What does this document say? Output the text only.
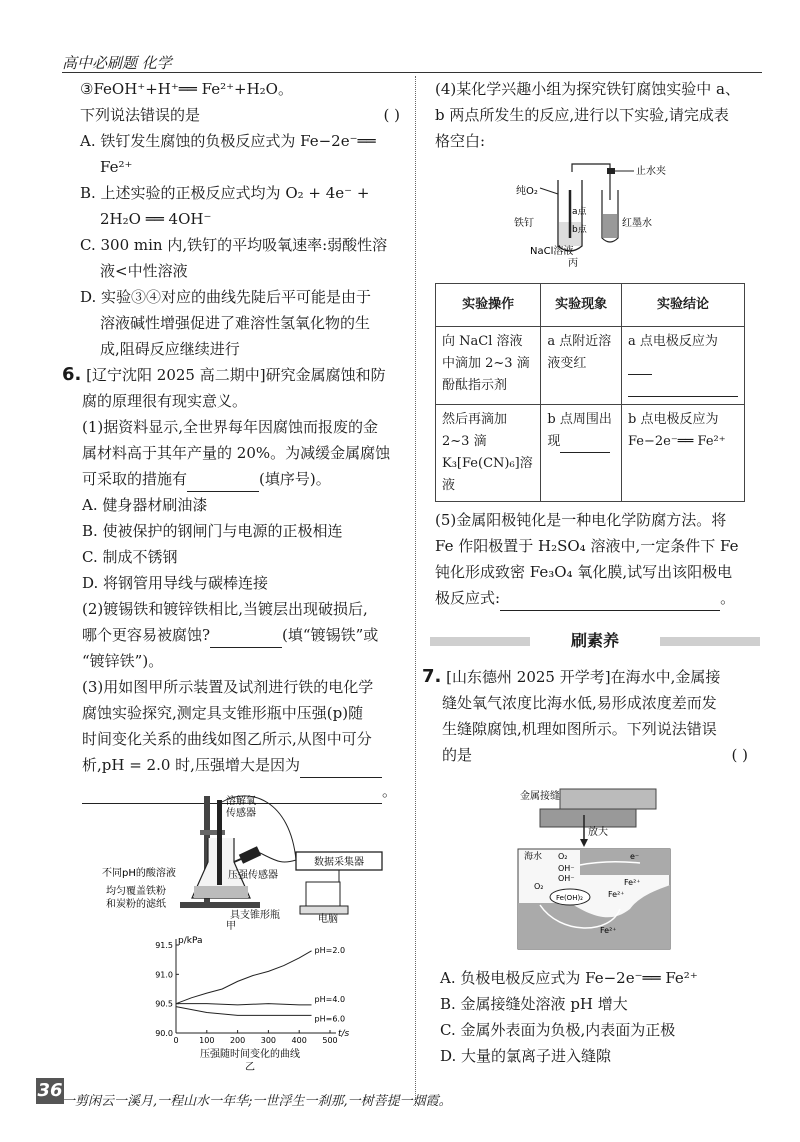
高中必刷题 化学

③FeOH⁺+H⁺══ Fe²⁺+H₂O。

下列说法错误的是	( )

A. 铁钉发生腐蚀的负极反应式为 Fe−2e⁻══

Fe²⁺

B. 上述实验的正极反应式均为 O₂ + 4e⁻ +

2H₂O ══ 4OH⁻

C. 300 min 内,铁钉的平均吸氧速率:弱酸性溶

液<中性溶液

D. 实验③④对应的曲线先陡后平可能是由于

溶液碱性增强促进了难溶性氢氧化物的生

成,阻碍反应继续进行

6. [辽宁沈阳 2025 高二期中]研究金属腐蚀和防

腐的原理很有现实意义。

(1)据资料显示,全世界每年因腐蚀而报废的金

属材料高于其年产量的 20%。为减缓金属腐蚀

可采取的措施有	(填序号)。

A. 健身器材刷油漆

B. 使被保护的钢闸门与电源的正极相连

C. 制成不锈钢

D. 将钢管用导线与碳棒连接

(2)镀锡铁和镀锌铁相比,当镀层出现破损后,

哪个更容易被腐蚀?	(填“镀锡铁”或

“镀锌铁”)。

(3)用如图甲所示装置及试剂进行铁的电化学

腐蚀实验探究,测定具支锥形瓶中压强(p)随

时间变化关系的曲线如图乙所示,从图中可分

析,pH = 2.0 时,压强增大是因为

。

数据采集器
电脑
溶解氧
传感器
压强传感器
不同pH的酸溶液
均匀覆盖铁粉
和炭粉的滤纸
具支锥形瓶
甲
p/kPa
t/s
0	100 200 300 400 500
90.0
90.5
91.0
91.5
pH=2.0
pH=4.0
pH=6.0
压强随时间变化的曲线
乙

(4)某化学兴趣小组为探究铁钉腐蚀实验中 a、

b 两点所发生的反应,进行以下实验,请完成表

格空白:

止水夹
纯O₂
a点
铁钉
b点
红墨水
NaCl溶液
丙
实验操作	实验现象	实验结论
向 NaCl 溶液中滴加 2~3 滴酚酞指示剂	a 点附近溶液变红	a 点电极反应为

然后再滴加 2~3 滴 K₃[Fe(CN)₆]溶液	b 点周围出现	b 点电极反应为
Fe−2e⁻══ Fe²⁺

(5)金属阳极钝化是一种电化学防腐方法。将

Fe 作阳极置于 H₂SO₄ 溶液中,一定条件下 Fe

钝化形成致密 Fe₃O₄ 氧化膜,试写出该阳极电

极反应式:	。

刷素养

7. [山东德州 2025 开学考]在海水中,金属接

缝处氧气浓度比海水低,易形成浓度差而发

生缝隙腐蚀,机理如图所示。下列说法错误

的是	( )

金属接缝
放大
海水 O₂	e⁻
OH⁻
OH⁻
O₂
Fe(OH)₂
Fe²⁺
Fe²⁺
Fe²⁺

A. 负极电极反应式为 Fe−2e⁻══ Fe²⁺

B. 金属接缝处溶液 pH 增大

C. 金属外表面为负极,内表面为正极

D. 大量的氯离子进入缝隙

36
一剪闲云一溪月,一程山水一年华;一世浮生一刹那,一树菩提一烟霞。
